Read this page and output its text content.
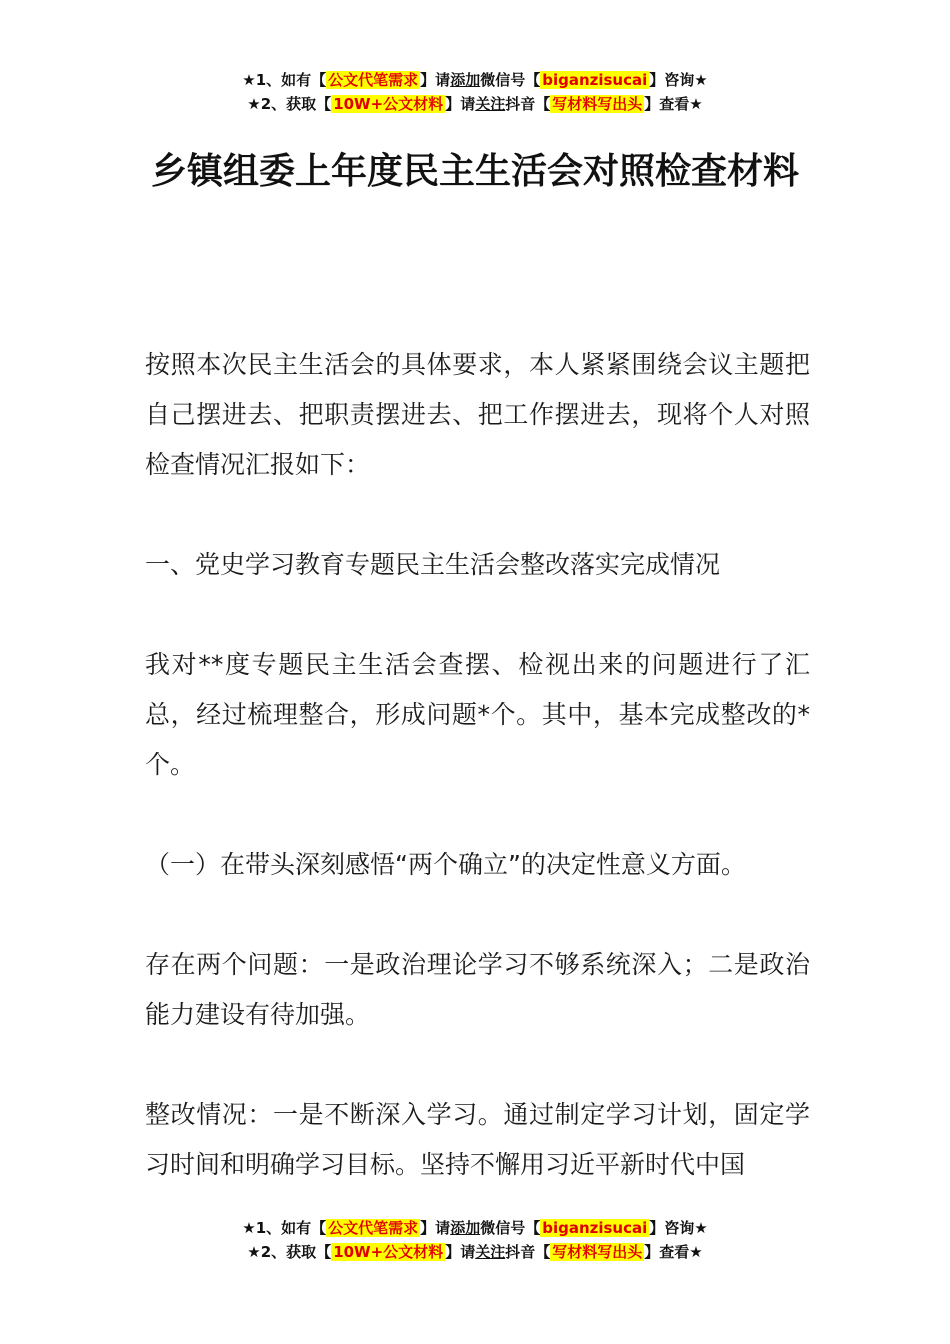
★1、如有【 公文代笔需求 】请添加微信号【 biganzisucai 】咨询★
★2、获取【 10W+公文材料 】请关注抖音【 写材料写出头 】查看★
乡镇组委上年度民主生活会对照检查材料

按照本次民主生活会的具体要求，本人紧紧围绕会议主题把自己摆进去、把职责摆进去、把工作摆进去，现将个人对照检查情况汇报如下：

一、党史学习教育专题民主生活会整改落实完成情况

我对**度专题民主生活会查摆、检视出来的问题进行了汇总，经过梳理整合，形成问题*个。其中，基本完成整改的*个。

（一）在带头深刻感悟“两个确立”的决定性意义方面。

存在两个问题：一是政治理论学习不够系统深入；二是政治能力建设有待加强。

整改情况：一是不断深入学习。通过制定学习计划，固定学习时间和明确学习目标。坚持不懈用习近平新时代中国

★1、如有【 公文代笔需求 】请添加微信号【 biganzisucai 】咨询★
★2、获取【 10W+公文材料 】请关注抖音【 写材料写出头 】查看★
